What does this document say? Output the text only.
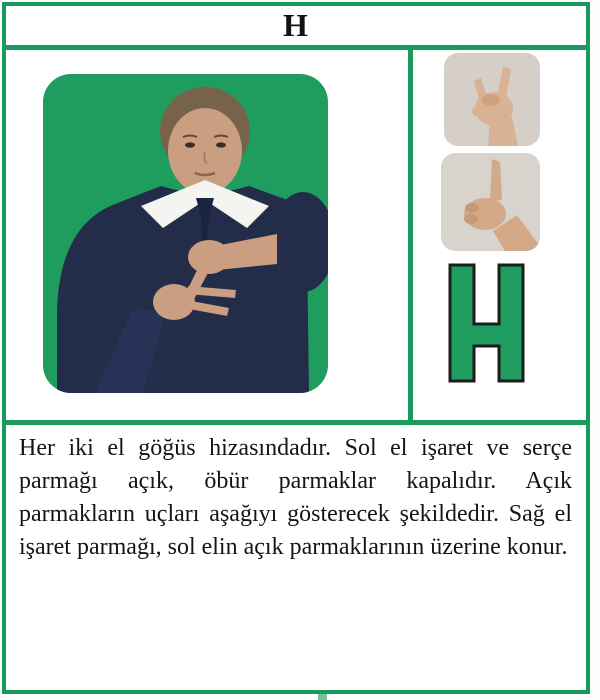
H

Her iki el göğüs hizasındadır. Sol el işaret ve serçe parmağı açık, öbür parmaklar kapalıdır. Açık parmakların uçları aşağıyı gösterecek şekildedir. Sağ el işaret parmağı, sol elin açık parmaklarının üzerine konur.
